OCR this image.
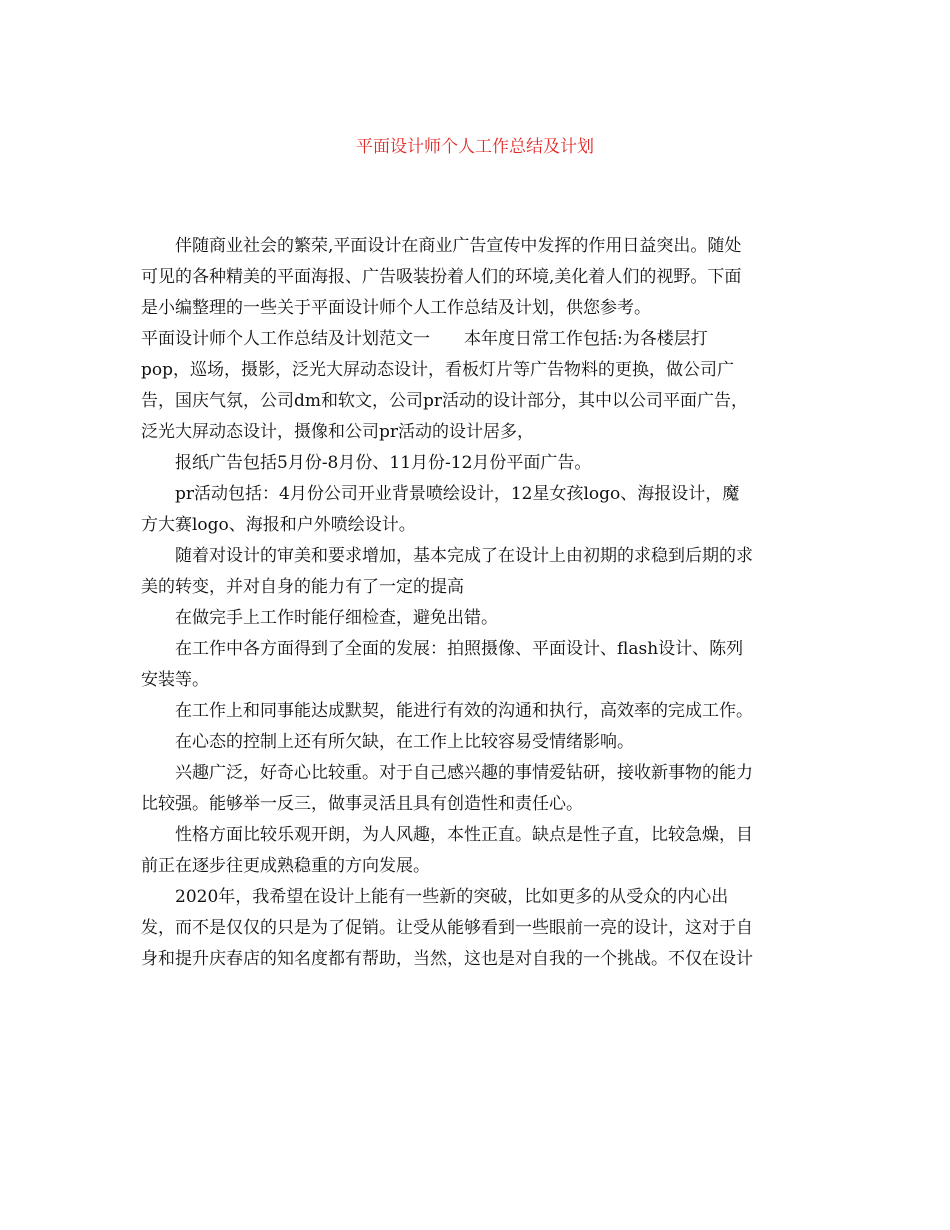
平面设计师个人工作总结及计划
伴随商业社会的繁荣,平面设计在商业广告宣传中发挥的作用日益突出。随处
可见的各种精美的平面海报、广告吸装扮着人们的环境,美化着人们的视野。下面
是小编整理的一些关于平面设计师个人工作总结及计划，供您参考。
平面设计师个人工作总结及计划范文一　　本年度日常工作包括:为各楼层打
pop，巡场，摄影，泛光大屏动态设计，看板灯片等广告物料的更换，做公司广
告，国庆气氛，公司dm和软文，公司pr活动的设计部分，其中以公司平面广告，
泛光大屏动态设计，摄像和公司pr活动的设计居多，
报纸广告包括5月份-8月份、11月份-12月份平面广告。
pr活动包括：4月份公司开业背景喷绘设计，12星女孩logo、海报设计，魔
方大赛logo、海报和户外喷绘设计。
随着对设计的审美和要求增加，基本完成了在设计上由初期的求稳到后期的求
美的转变，并对自身的能力有了一定的提高
在做完手上工作时能仔细检查，避免出错。
在工作中各方面得到了全面的发展：拍照摄像、平面设计、flash设计、陈列
安装等。
在工作上和同事能达成默契，能进行有效的沟通和执行，高效率的完成工作。
在心态的控制上还有所欠缺，在工作上比较容易受情绪影响。
兴趣广泛，好奇心比较重。对于自己感兴趣的事情爱钻研，接收新事物的能力
比较强。能够举一反三，做事灵活且具有创造性和责任心。
性格方面比较乐观开朗，为人风趣，本性正直。缺点是性子直，比较急燥，目
前正在逐步往更成熟稳重的方向发展。
2020年，我希望在设计上能有一些新的突破，比如更多的从受众的内心出
发，而不是仅仅的只是为了促销。让受从能够看到一些眼前一亮的设计，这对于自
身和提升庆春店的知名度都有帮助，当然，这也是对自我的一个挑战。不仅在设计
